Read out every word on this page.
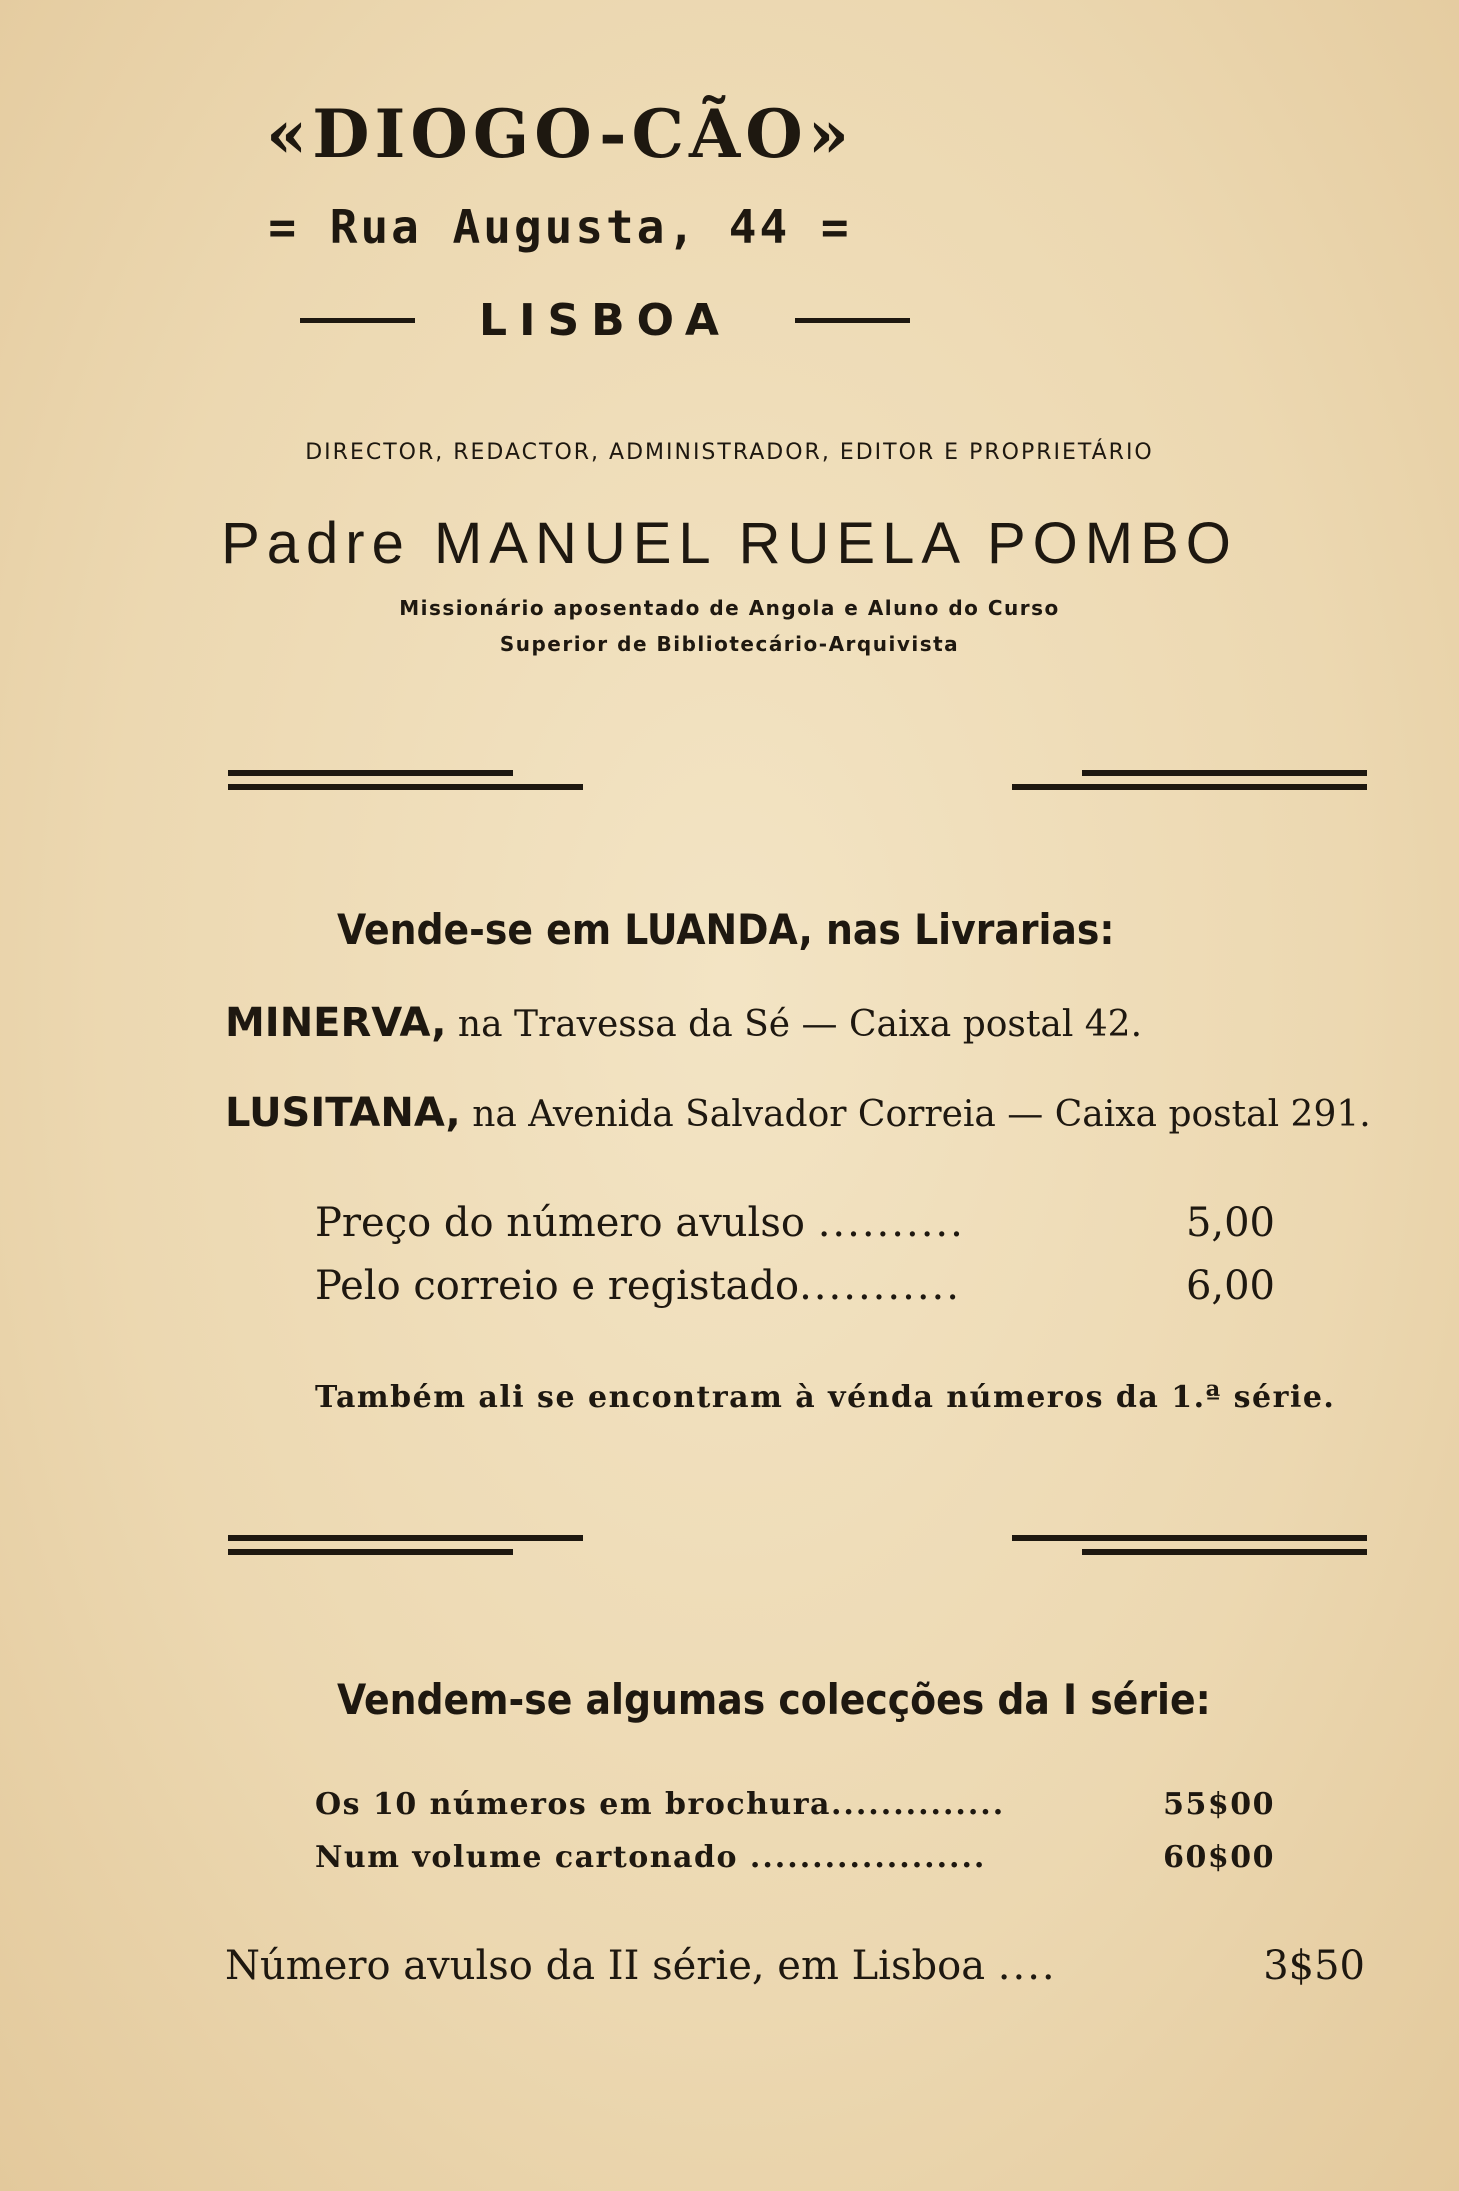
«DIOGO-CÃO»
= Rua Augusta, 44 =
LISBOA
DIRECTOR, REDACTOR, ADMINISTRADOR, EDITOR E PROPRIETÁRIO
Padre MANUEL RUELA POMBO
Missionário aposentado de Angola e Aluno do Curso
Superior de Bibliotecário-Arquivista
Vende-se em LUANDA, nas Livrarias:
MINERVA, na Travessa da Sé — Caixa postal 42.
LUSITANA, na Avenida Salvador Correia — Caixa postal 291.
Preço do número avulso ..........	5,00
Pelo correio e registado...........	6,00
Também ali se encontram à vénda números da 1.ª série.
Vendem-se algumas colecções da I série:
Os 10 números em brochura..............	55$00
Num volume cartonado ...................	60$00
Número avulso da II série, em Lisboa ....	3$50
